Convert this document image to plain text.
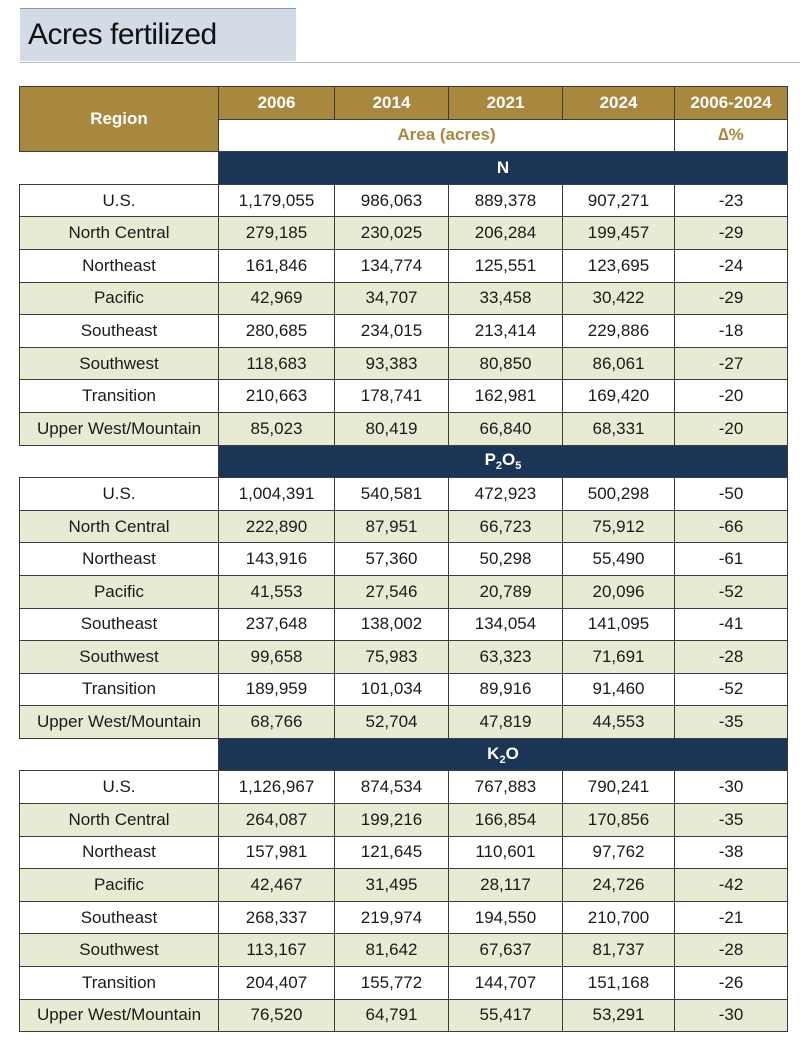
Acres fertilized
Region	2006	2014	2021	2024	2006-2024
	Area (acres)				∆%
	N				
U.S.	1,179,055	986,063	889,378	907,271	-23
North Central	279,185	230,025	206,284	199,457	-29
Northeast	161,846	134,774	125,551	123,695	-24
Pacific	42,969	34,707	33,458	30,422	-29
Southeast	280,685	234,015	213,414	229,886	-18
Southwest	118,683	93,383	80,850	86,061	-27
Transition	210,663	178,741	162,981	169,420	-20
Upper West/Mountain	85,023	80,419	66,840	68,331	-20
	$P_2O_5$
U.S.	1,004,391	540,581	472,923	500,298	-50
North Central	222,890	87,951	66,723	75,912	-66
Northeast	143,916	57,360	50,298	55,490	-61
Pacific	41,553	27,546	20,789	20,096	-52
Southeast	237,648	138,002	134,054	141,095	-41
Southwest	99,658	75,983	63,323	71,691	-28
Transition	189,959	101,034	89,916	91,460	-52
Upper West/Mountain	68,766	52,704	47,819	44,553	-35
	$K_2O$				
U.S.	1,126,967	874,534	767,883	790,241	-30
North Central	264,087	199,216	166,854	170,856	-35
Northeast	157,981	121,645	110,601	97,762	-38
Pacific	42,467	31,495	28,117	24,726	-42
Southeast	268,337	219,974	194,550	210,700	-21
Southwest	113,167	81,642	67,637	81,737	-28
Transition	204,407	155,772	144,707	151,168	-26
Upper West/Mountain	76,520	64,791	55,417	53,291	-30
